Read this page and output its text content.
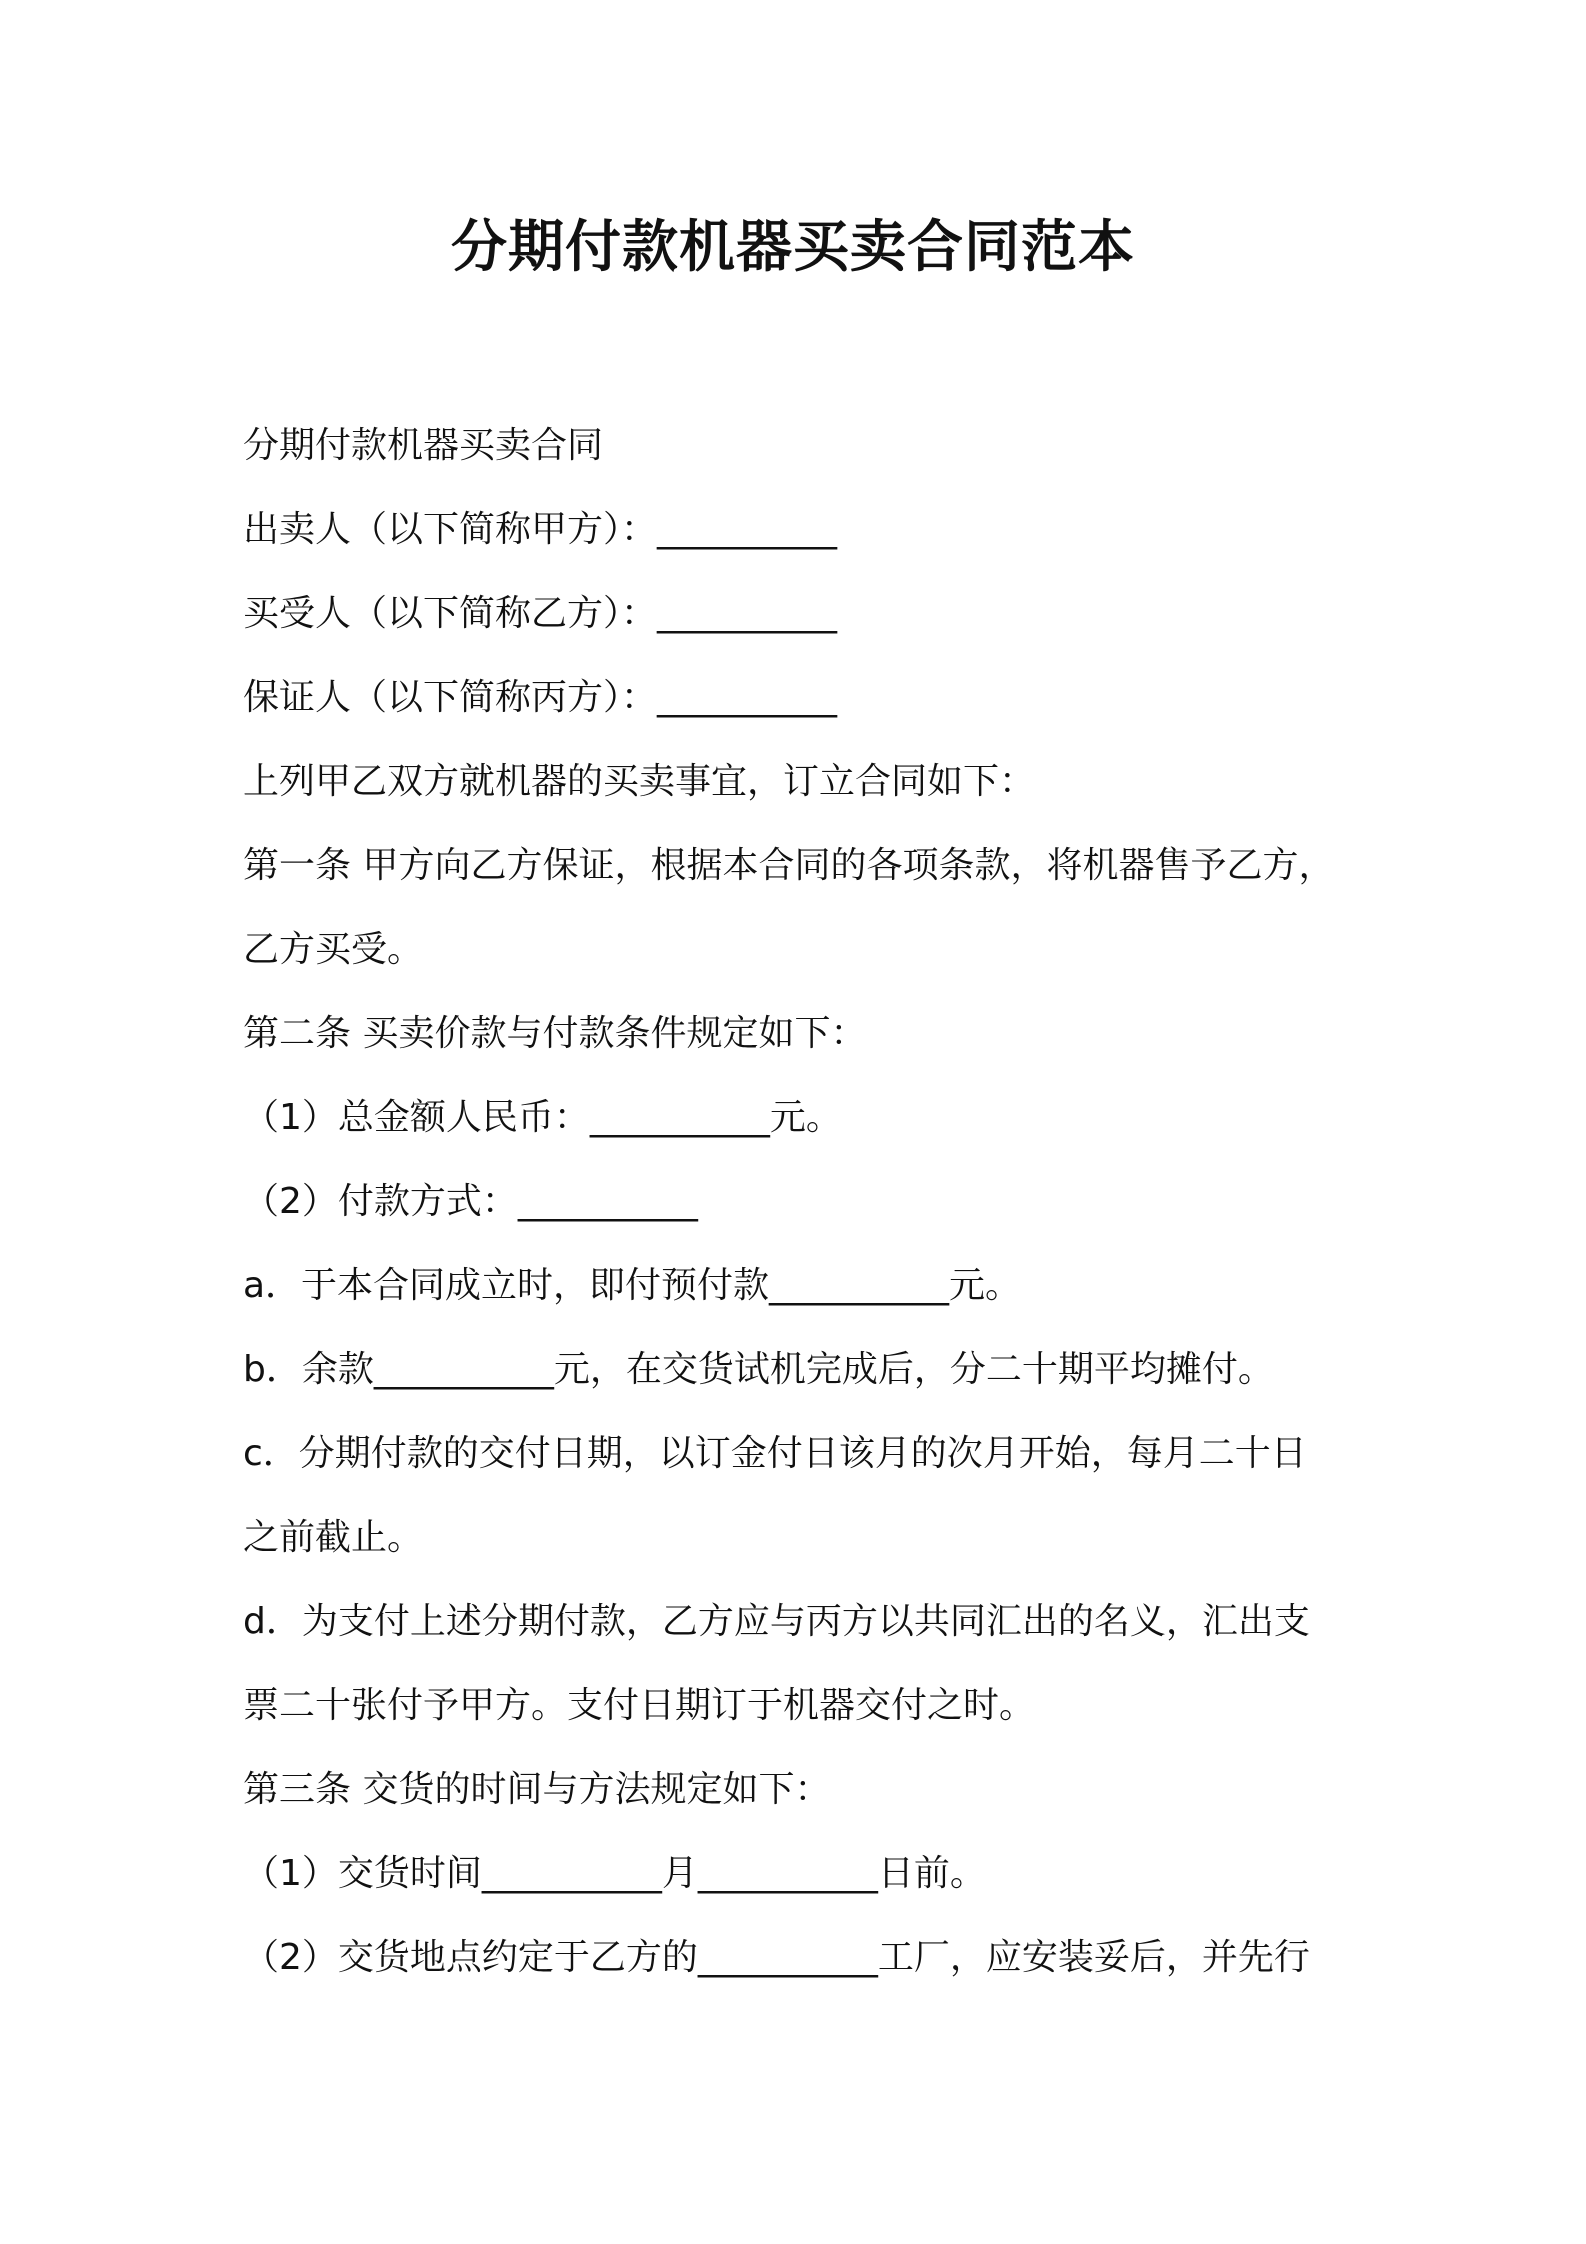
分期付款机器买卖合同范本
分期付款机器买卖合同
出卖人（以下简称甲方）：__________
买受人（以下简称乙方）：__________
保证人（以下简称丙方）：__________
上列甲乙双方就机器的买卖事宜，订立合同如下：
第一条 甲方向乙方保证，根据本合同的各项条款，将机器售予乙方，
乙方买受。
第二条 买卖价款与付款条件规定如下：
（1）总金额人民币：__________元。
（2）付款方式：__________
a．于本合同成立时，即付预付款__________元。
b．余款__________元，在交货试机完成后，分二十期平均摊付。
c．分期付款的交付日期，以订金付日该月的次月开始，每月二十日
之前截止。
d．为支付上述分期付款，乙方应与丙方以共同汇出的名义，汇出支
票二十张付予甲方。支付日期订于机器交付之时。
第三条 交货的时间与方法规定如下：
（1）交货时间__________月__________日前。
（2）交货地点约定于乙方的__________工厂，应安装妥后，并先行
